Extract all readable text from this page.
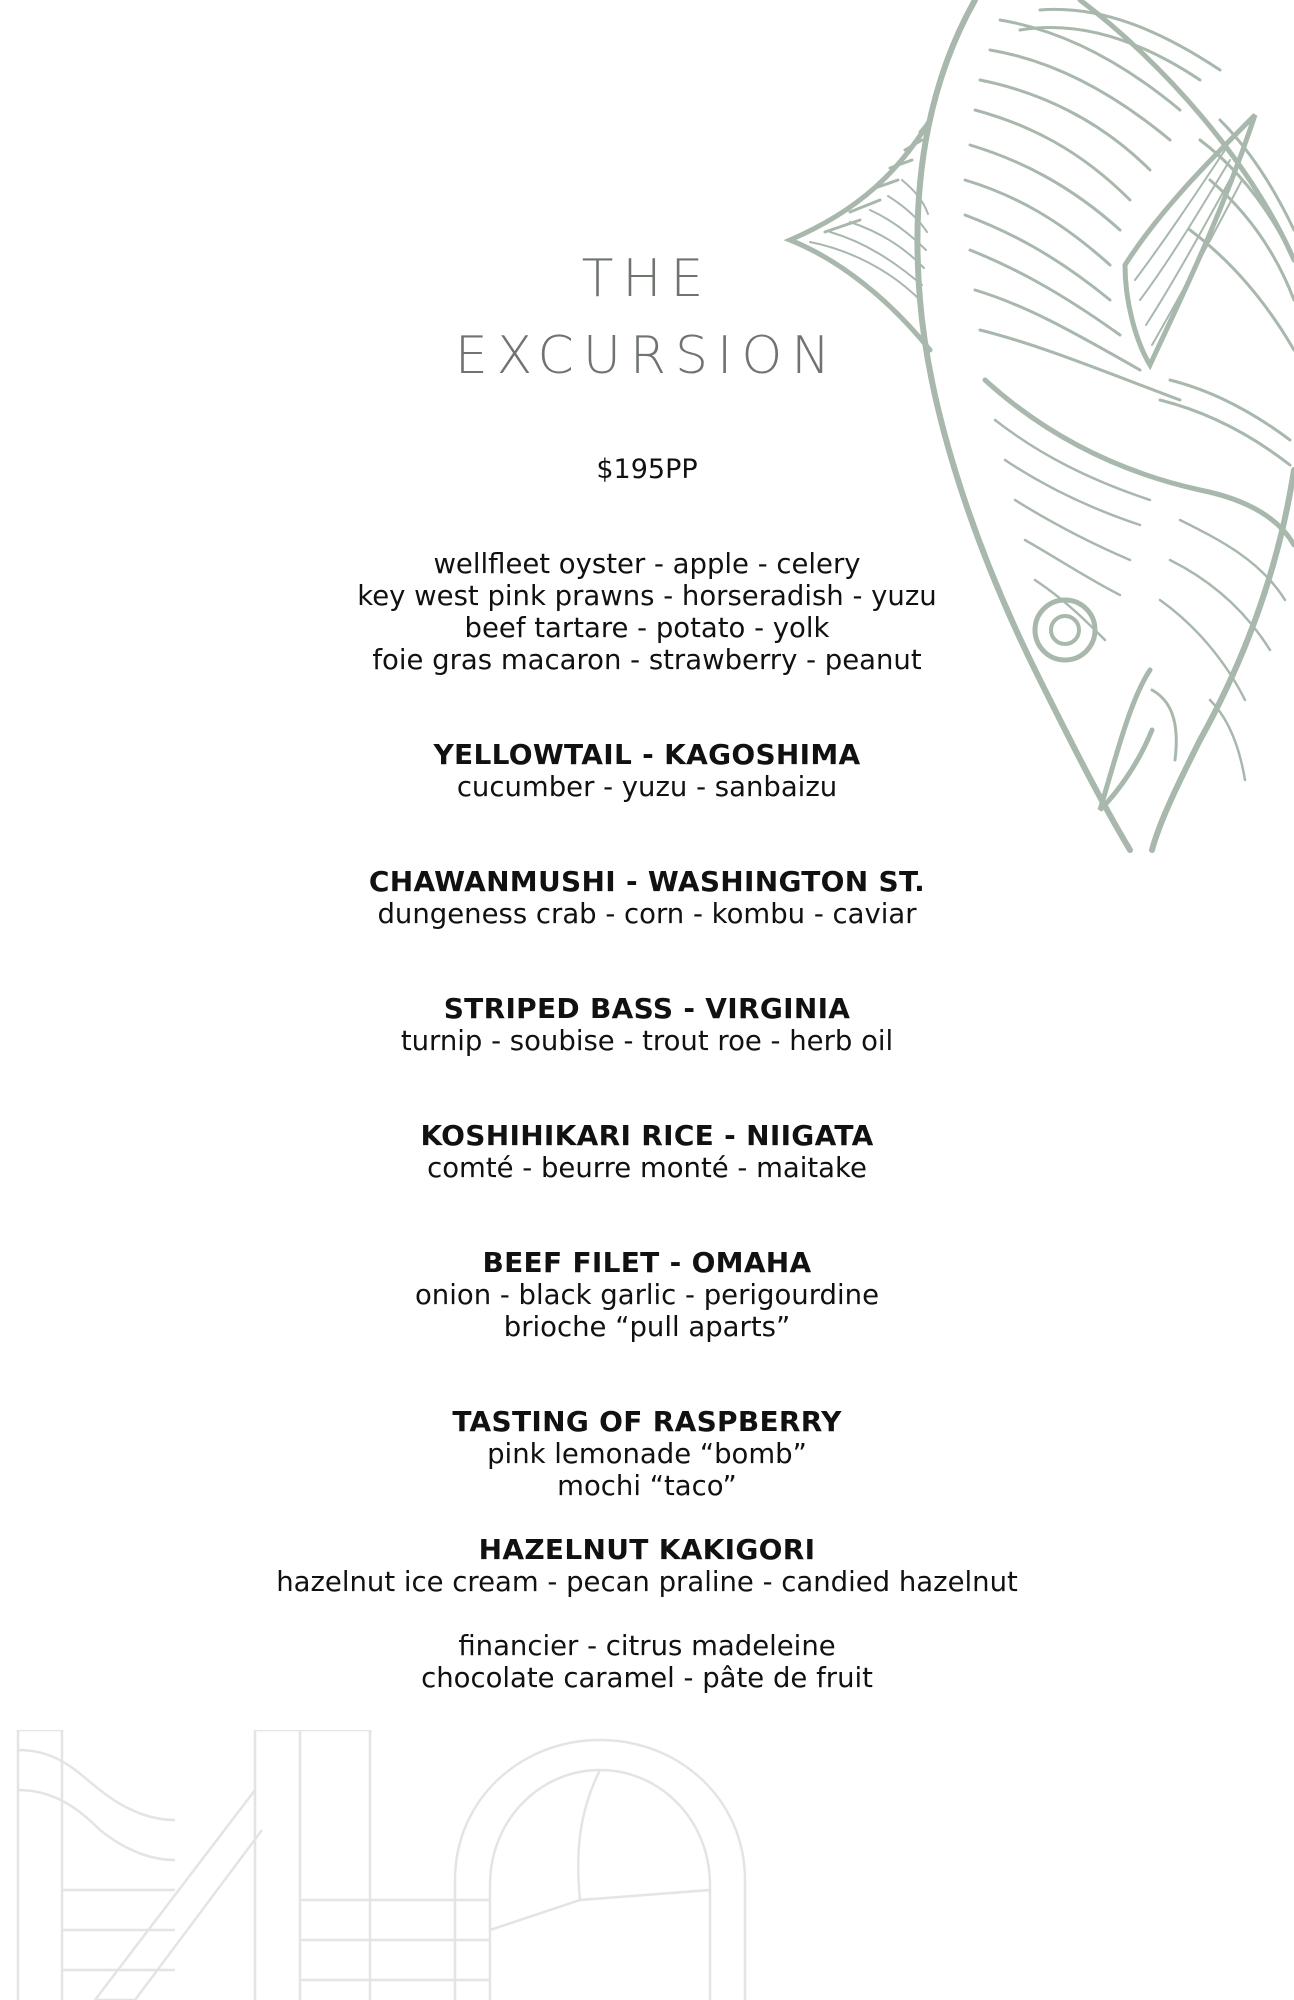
THE
EXCURSION
$195PP
wellfleet oyster - apple - celery
key west pink prawns - horseradish - yuzu
beef tartare - potato - yolk
foie gras macaron - strawberry - peanut
YELLOWTAIL - KAGOSHIMA
cucumber - yuzu - sanbaizu
CHAWANMUSHI - WASHINGTON ST.
dungeness crab - corn - kombu - caviar
STRIPED BASS - VIRGINIA
turnip - soubise - trout roe - herb oil
KOSHIHIKARI RICE - NIIGATA
comté - beurre monté - maitake
BEEF FILET - OMAHA
onion - black garlic - perigourdine
brioche “pull aparts”
TASTING OF RASPBERRY
pink lemonade “bomb”
mochi “taco”
HAZELNUT KAKIGORI
hazelnut ice cream - pecan praline - candied hazelnut
financier - citrus madeleine
chocolate caramel - pâte de fruit
